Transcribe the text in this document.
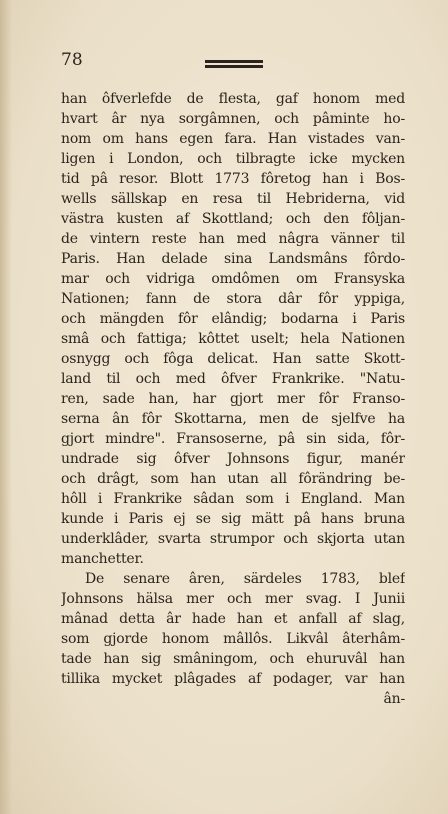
78
han ôfverlefde de flesta, gaf honom med
hvart âr nya sorgâmnen, och pâminte ho-
nom om hans egen fara. Han vistades van-
ligen i London, och tilbragte icke mycken
tid pâ resor. Blott 1773 fôretog han i Bos-
wells sällskap en resa til Hebriderna, vid
västra kusten af Skottland; och den fôljan-
de vintern reste han med nâgra vänner til
Paris. Han delade sina Landsmâns fôrdo-
mar och vidriga omdômen om Fransyska
Nationen; fann de stora dâr fôr yppiga,
och mängden fôr elândig; bodarna i Paris
smâ och fattiga; kôttet uselt; hela Nationen
osnygg och fôga delicat. Han satte Skott-
land til och med ôfver Frankrike. "Natu-
ren, sade han, har gjort mer fôr Franso-
serna ân fôr Skottarna, men de sjelfve ha
gjort mindre". Fransoserne, pâ sin sida, fôr-
undrade sig ôfver Johnsons figur, manér
och drâgt, som han utan all fôrändring be-
hôll i Frankrike sâdan som i England. Man
kunde i Paris ej se sig mätt pâ hans bruna
underklâder, svarta strumpor och skjorta utan
manchetter.
De senare âren, särdeles 1783, blef
Johnsons hälsa mer och mer svag. I Junii
mânad detta âr hade han et anfall af slag,
som gjorde honom mâllôs. Likvâl âterhâm-
tade han sig smâningom, och ehuruvâl han
tillika mycket plâgades af podager, var han
ân-
